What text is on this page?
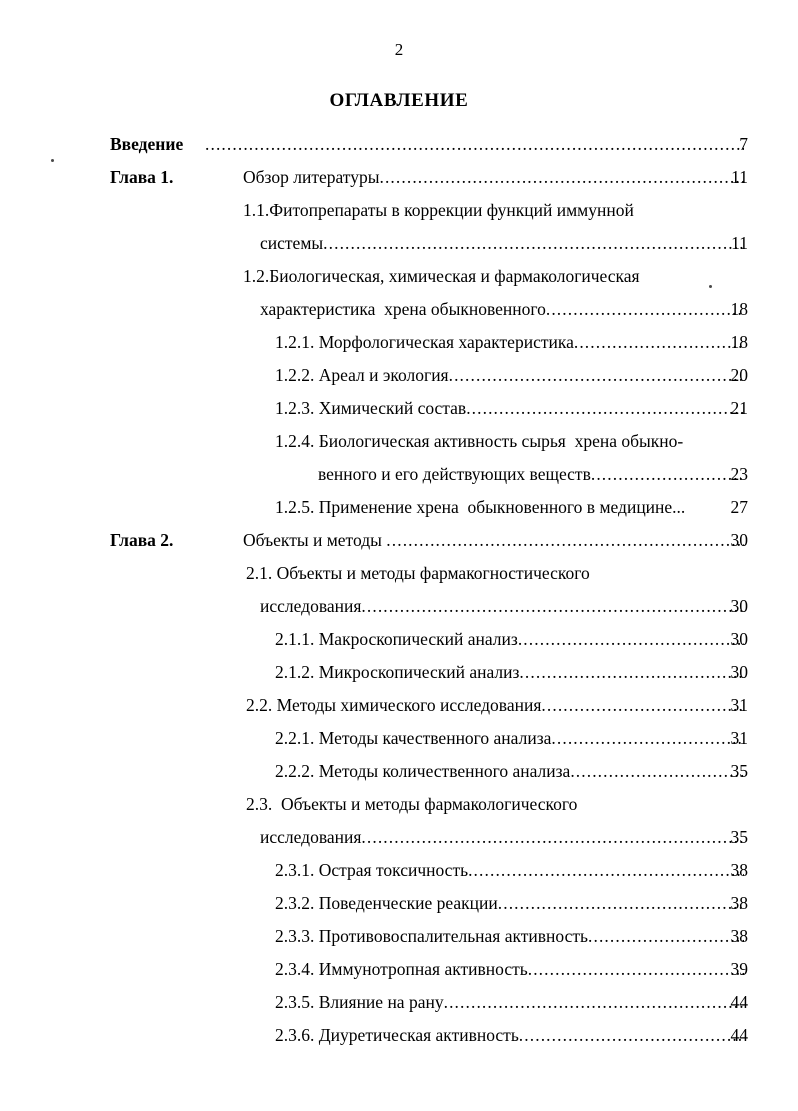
2
ОГЛАВЛЕНИЕ
Введение .....	7
Глава 1.	Обзор литературы .....	11
1.1.Фитопрепараты в коррекции функций иммунной
системы .....	11
1.2.Биологическая, химическая и фармакологическая
характеристика  хрена обыкновенного .....	18
1.2.1. Морфологическая характеристика .....	18
1.2.2. Ареал и экология .....	20
1.2.3. Химический состав .....	21
1.2.4. Биологическая активность сырья  хрена обыкно-
венного и его действующих веществ .....	23
1.2.5. Применение хрена  обыкновенного в медицине...	27
Глава 2.	Объекты и методы .....	30
2.1. Объекты и методы фармакогностического
исследования .....	30
2.1.1. Макроскопический анализ .....	30
2.1.2. Микроскопический анализ .....	30
2.2. Методы химического исследования .....	31
2.2.1. Методы качественного анализа .....	31
2.2.2. Методы количественного анализа .....	35
2.3.  Объекты и методы фармакологического
исследования .....	35
2.3.1. Острая токсичность .....	38
2.3.2. Поведенческие реакции .....	38
2.3.3. Противовоспалительная активность .....	38
2.3.4. Иммунотропная активность .....	39
2.3.5. Влияние на рану .....	44
2.3.6. Диуретическая активность .....	44
